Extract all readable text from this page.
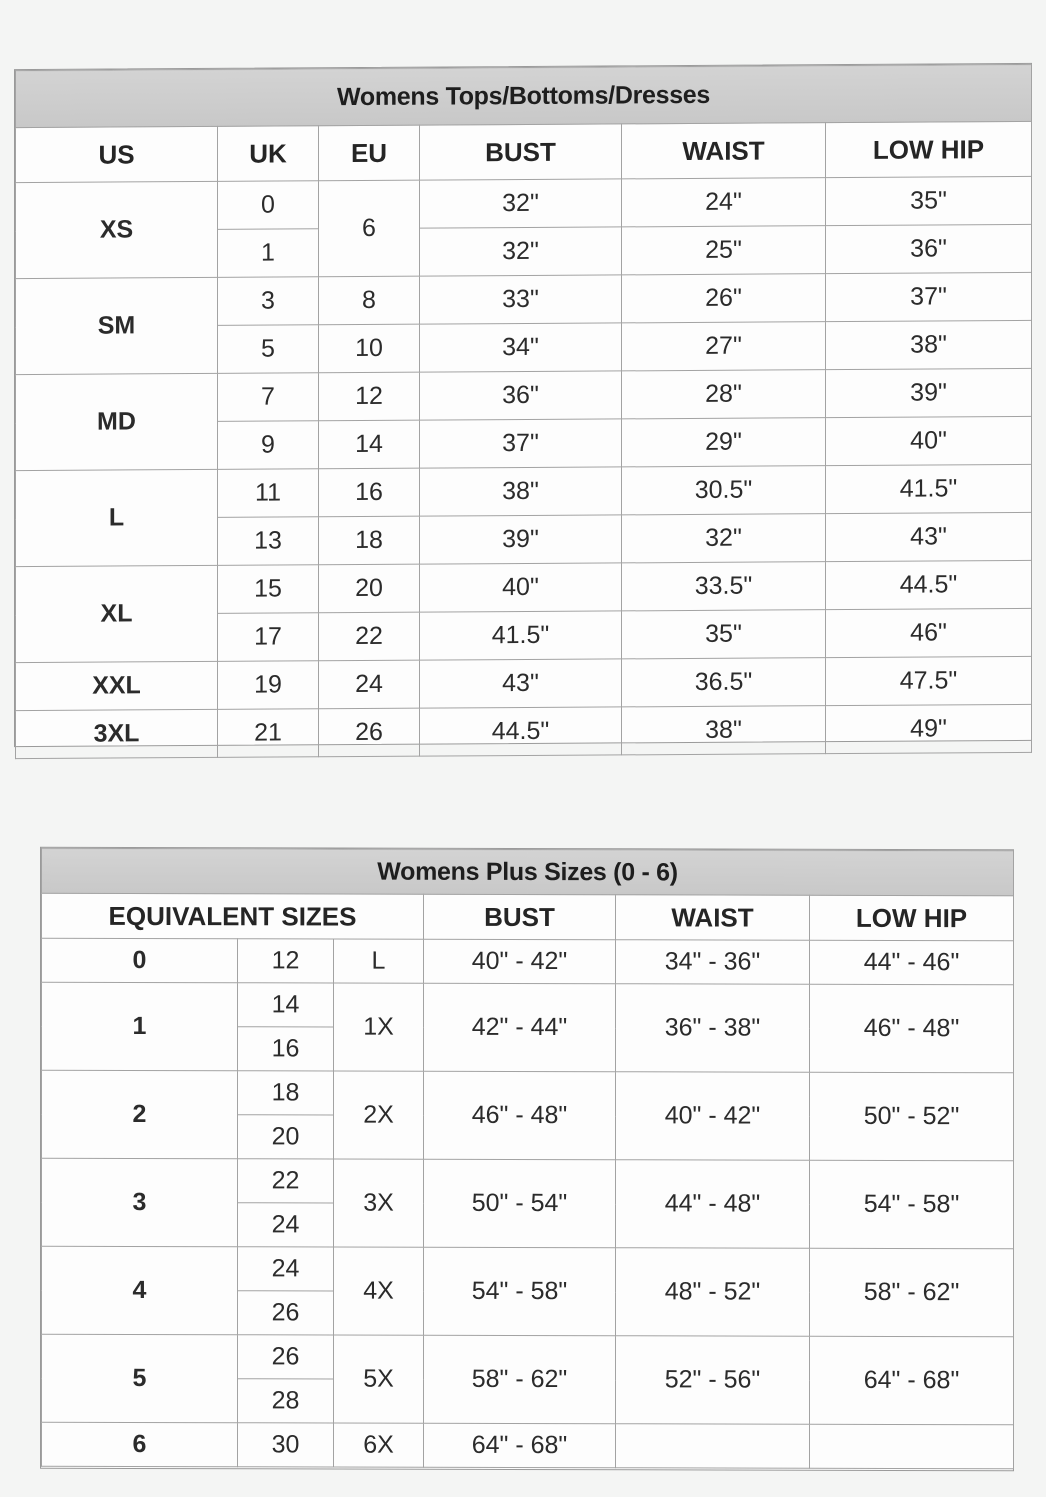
Womens Tops/Bottoms/Dresses					
US	UK	EU	BUST	WAIST	LOW HIP
XS	0	6	32"	24"	35"
	1		32"	25"	36"
SM	3	8	33"	26"	37"
	5	10	34"	27"	38"
MD	7	12	36"	28"	39"
	9	14	37"	29"	40"
L	11	16	38"	30.5"	41.5"
	13	18	39"	32"	43"
XL	15	20	40"	33.5"	44.5"
	17	22	41.5"	35"	46"
XXL	19	24	43"	36.5"	47.5"
3XL	21	26	44.5"	38"	49"
Womens Plus Sizes (0 - 6)					
EQUIVALENT SIZES			BUST	WAIST	LOW HIP
0	12	L	40" - 42"	34" - 36"	44" - 46"
1	14	1X	42" - 44"	36" - 38"	46" - 48"
	16				
2	18	2X	46" - 48"	40" - 42"	50" - 52"
	20				
3	22	3X	50" - 54"	44" - 48"	54" - 58"
	24				
4	24	4X	54" - 58"	48" - 52"	58" - 62"
	26				
5	26	5X	58" - 62"	52" - 56"	64" - 68"
	28				
6	30	6X	64" - 68"		
